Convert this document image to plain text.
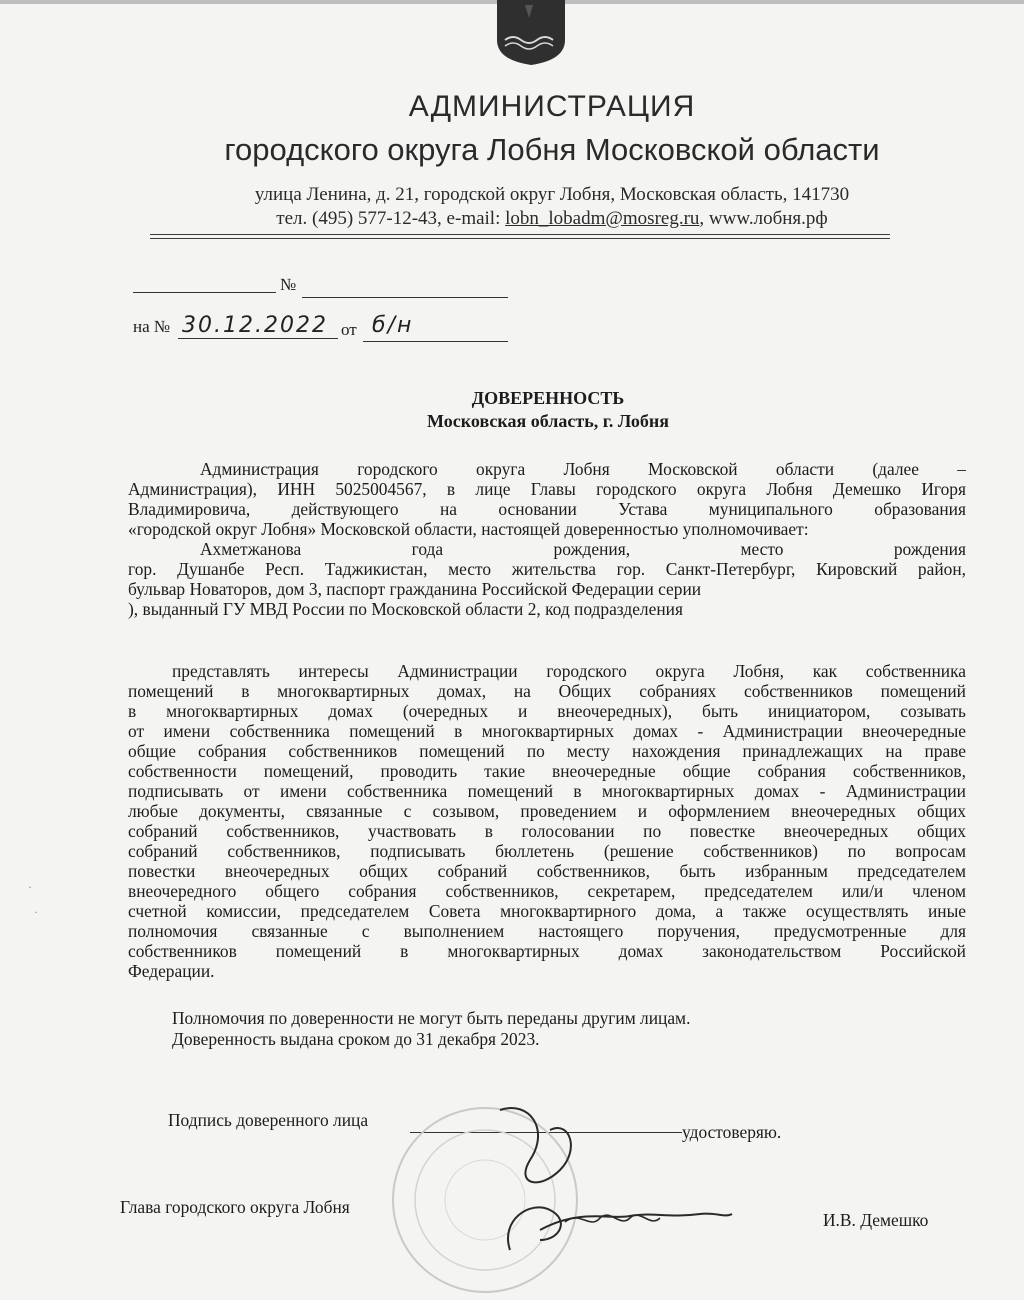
АДМИНИСТРАЦИЯ
городского округа Лобня Московской области
улица Ленина, д. 21, городской округ Лобня, Московская область, 141730
тел. (495) 577-12-43, e-mail: lobn_lobadm@mosreg.ru, www.лобня.рф
№
на № 30.12.2022 от б/н
ДОВЕРЕННОСТЬ
Московская область, г. Лобня
Администрация городского округа Лобня Московской области (далее –
Администрация), ИНН 5025004567, в лице Главы городского округа Лобня Демешко Игоря
Владимировича, действующего на основании Устава муниципального образования
«городской округ Лобня» Московской области, настоящей доверенностью уполномочивает:
Ахметжанова года рождения, место рождения
гор. Душанбе Респ. Таджикистан, место жительства гор. Санкт-Петербург, Кировский район,
бульвар Новаторов, дом 3, паспорт гражданина Российской Федерации серии
), выданный ГУ МВД России по Московской области 2, код подразделения
представлять интересы Администрации городского округа Лобня, как собственника
помещений в многоквартирных домах, на Общих собраниях собственников помещений
в многоквартирных домах (очередных и внеочередных), быть инициатором, созывать
от имени собственника помещений в многоквартирных домах - Администрации внеочередные
общие собрания собственников помещений по месту нахождения принадлежащих на праве
собственности помещений, проводить такие внеочередные общие собрания собственников,
подписывать от имени собственника помещений в многоквартирных домах - Администрации
любые документы, связанные с созывом, проведением и оформлением внеочередных общих
собраний собственников, участвовать в голосовании по повестке внеочередных общих
собраний собственников, подписывать бюллетень (решение собственников) по вопросам
повестки внеочередных общих собраний собственников, быть избранным председателем
внеочередного общего собрания собственников, секретарем, председателем или/и членом
счетной комиссии, председателем Совета многоквартирного дома, а также осуществлять иные
полномочия связанные с выполнением настоящего поручения, предусмотренные для
собственников помещений в многоквартирных домах законодательством Российской
Федерации.
Полномочия по доверенности не могут быть переданы другим лицам.
Доверенность выдана сроком до 31 декабря 2023.
Подпись доверенного лица
удостоверяю.
Глава городского округа Лобня
И.В. Демешко
·
·
